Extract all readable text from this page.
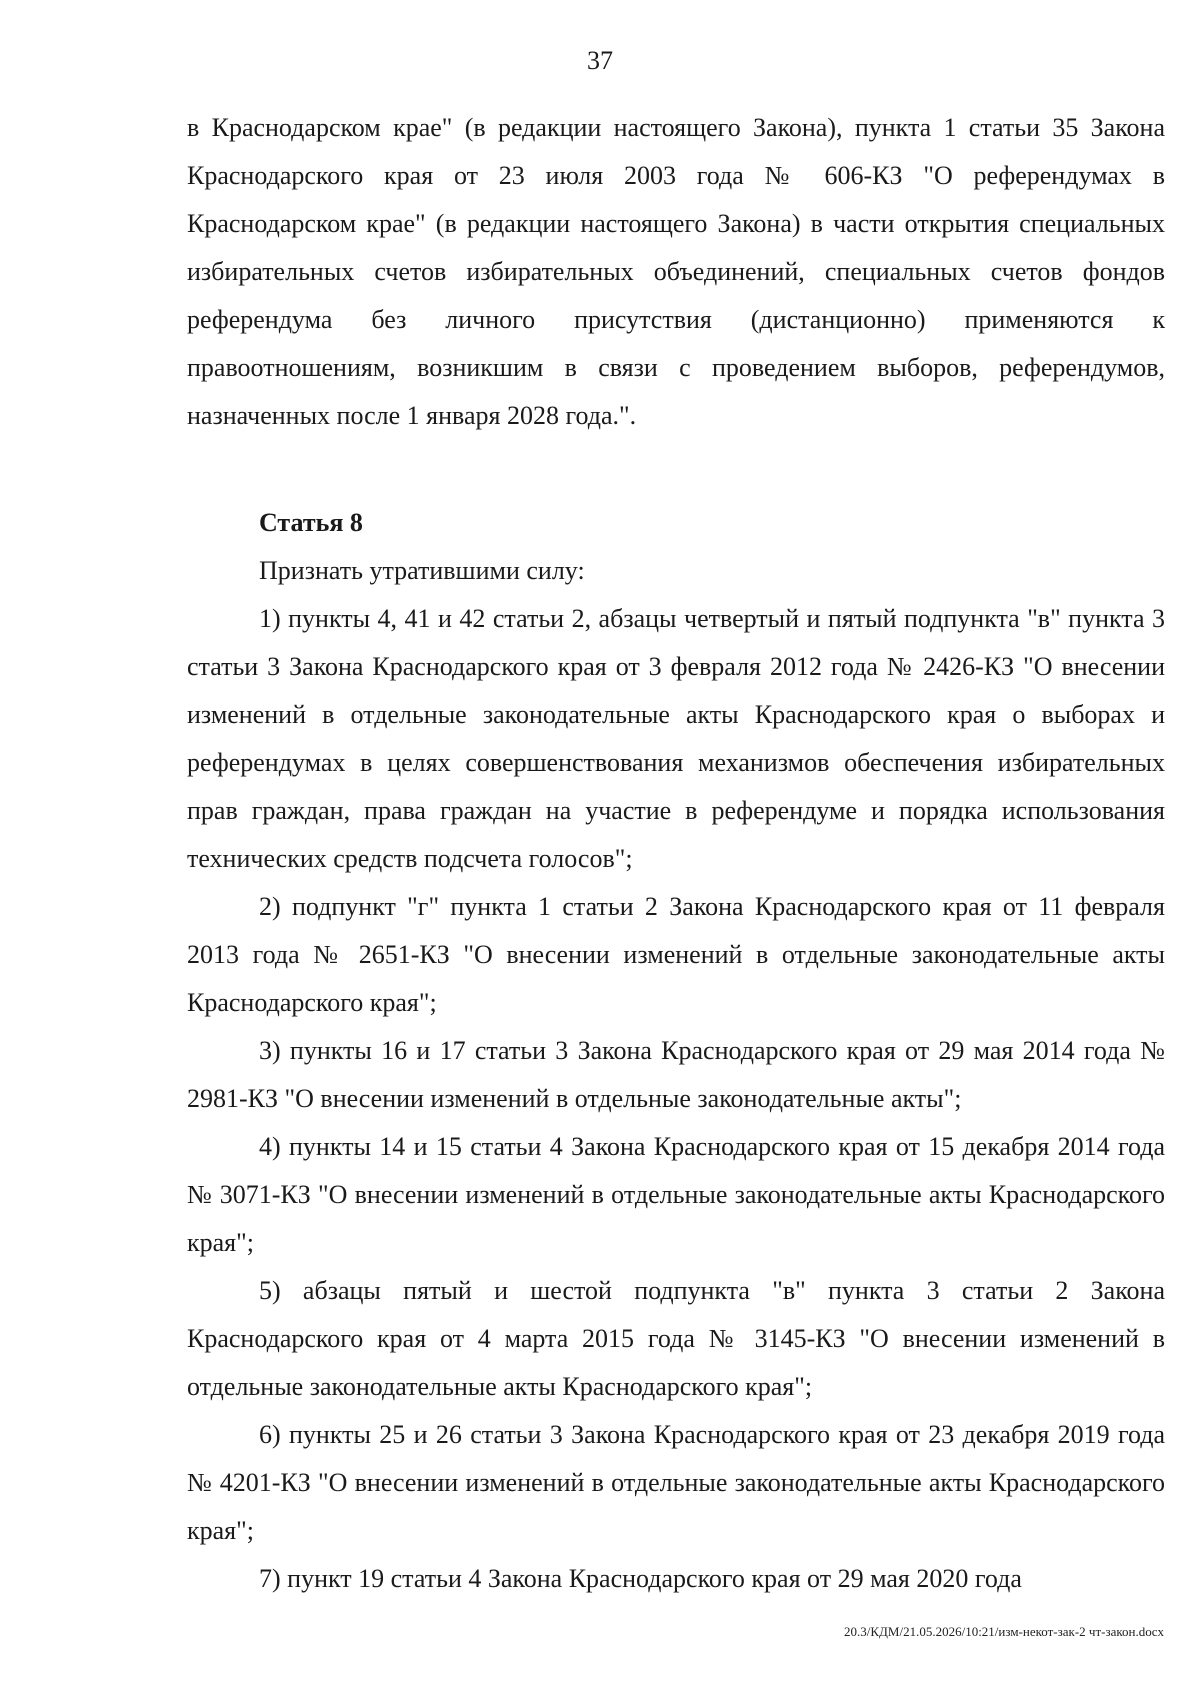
37

в Краснодарском крае" (в редакции настоящего Закона), пункта 1 статьи 35 Закона Краснодарского края от 23 июля 2003 года № 606-КЗ "О референдумах в Краснодарском крае" (в редакции настоящего Закона) в части открытия специальных избирательных счетов избирательных объединений, специальных счетов фондов референдума без личного присутствия (дистанционно) применяются к правоотношениям, возникшим в связи с проведением выборов, референдумов, назначенных после 1 января 2028 года.".

Статья 8

Признать утратившими силу:

1) пункты 4, 41 и 42 статьи 2, абзацы четвертый и пятый подпункта "в" пункта 3 статьи 3 Закона Краснодарского края от 3 февраля 2012 года № 2426-КЗ "О внесении изменений в отдельные законодательные акты Краснодарского края о выборах и референдумах в целях совершенствования механизмов обеспечения избирательных прав граждан, права граждан на участие в референдуме и порядка использования технических средств подсчета голосов";

2) подпункт "г" пункта 1 статьи 2 Закона Краснодарского края от 11 февраля 2013 года № 2651-КЗ "О внесении изменений в отдельные законодательные акты Краснодарского края";

3) пункты 16 и 17 статьи 3 Закона Краснодарского края от 29 мая 2014 года № 2981-КЗ "О внесении изменений в отдельные законодательные акты";

4) пункты 14 и 15 статьи 4 Закона Краснодарского края от 15 декабря 2014 года № 3071-КЗ "О внесении изменений в отдельные законодательные акты Краснодарского края";

5) абзацы пятый и шестой подпункта "в" пункта 3 статьи 2 Закона Краснодарского края от 4 марта 2015 года № 3145-КЗ "О внесении изменений в отдельные законодательные акты Краснодарского края";

6) пункты 25 и 26 статьи 3 Закона Краснодарского края от 23 декабря 2019 года № 4201-КЗ "О внесении изменений в отдельные законодательные акты Краснодарского края";

7) пункт 19 статьи 4 Закона Краснодарского края от 29 мая 2020 года

20.3/КДМ/21.05.2026/10:21/изм-некот-зак-2 чт-закон.docx
